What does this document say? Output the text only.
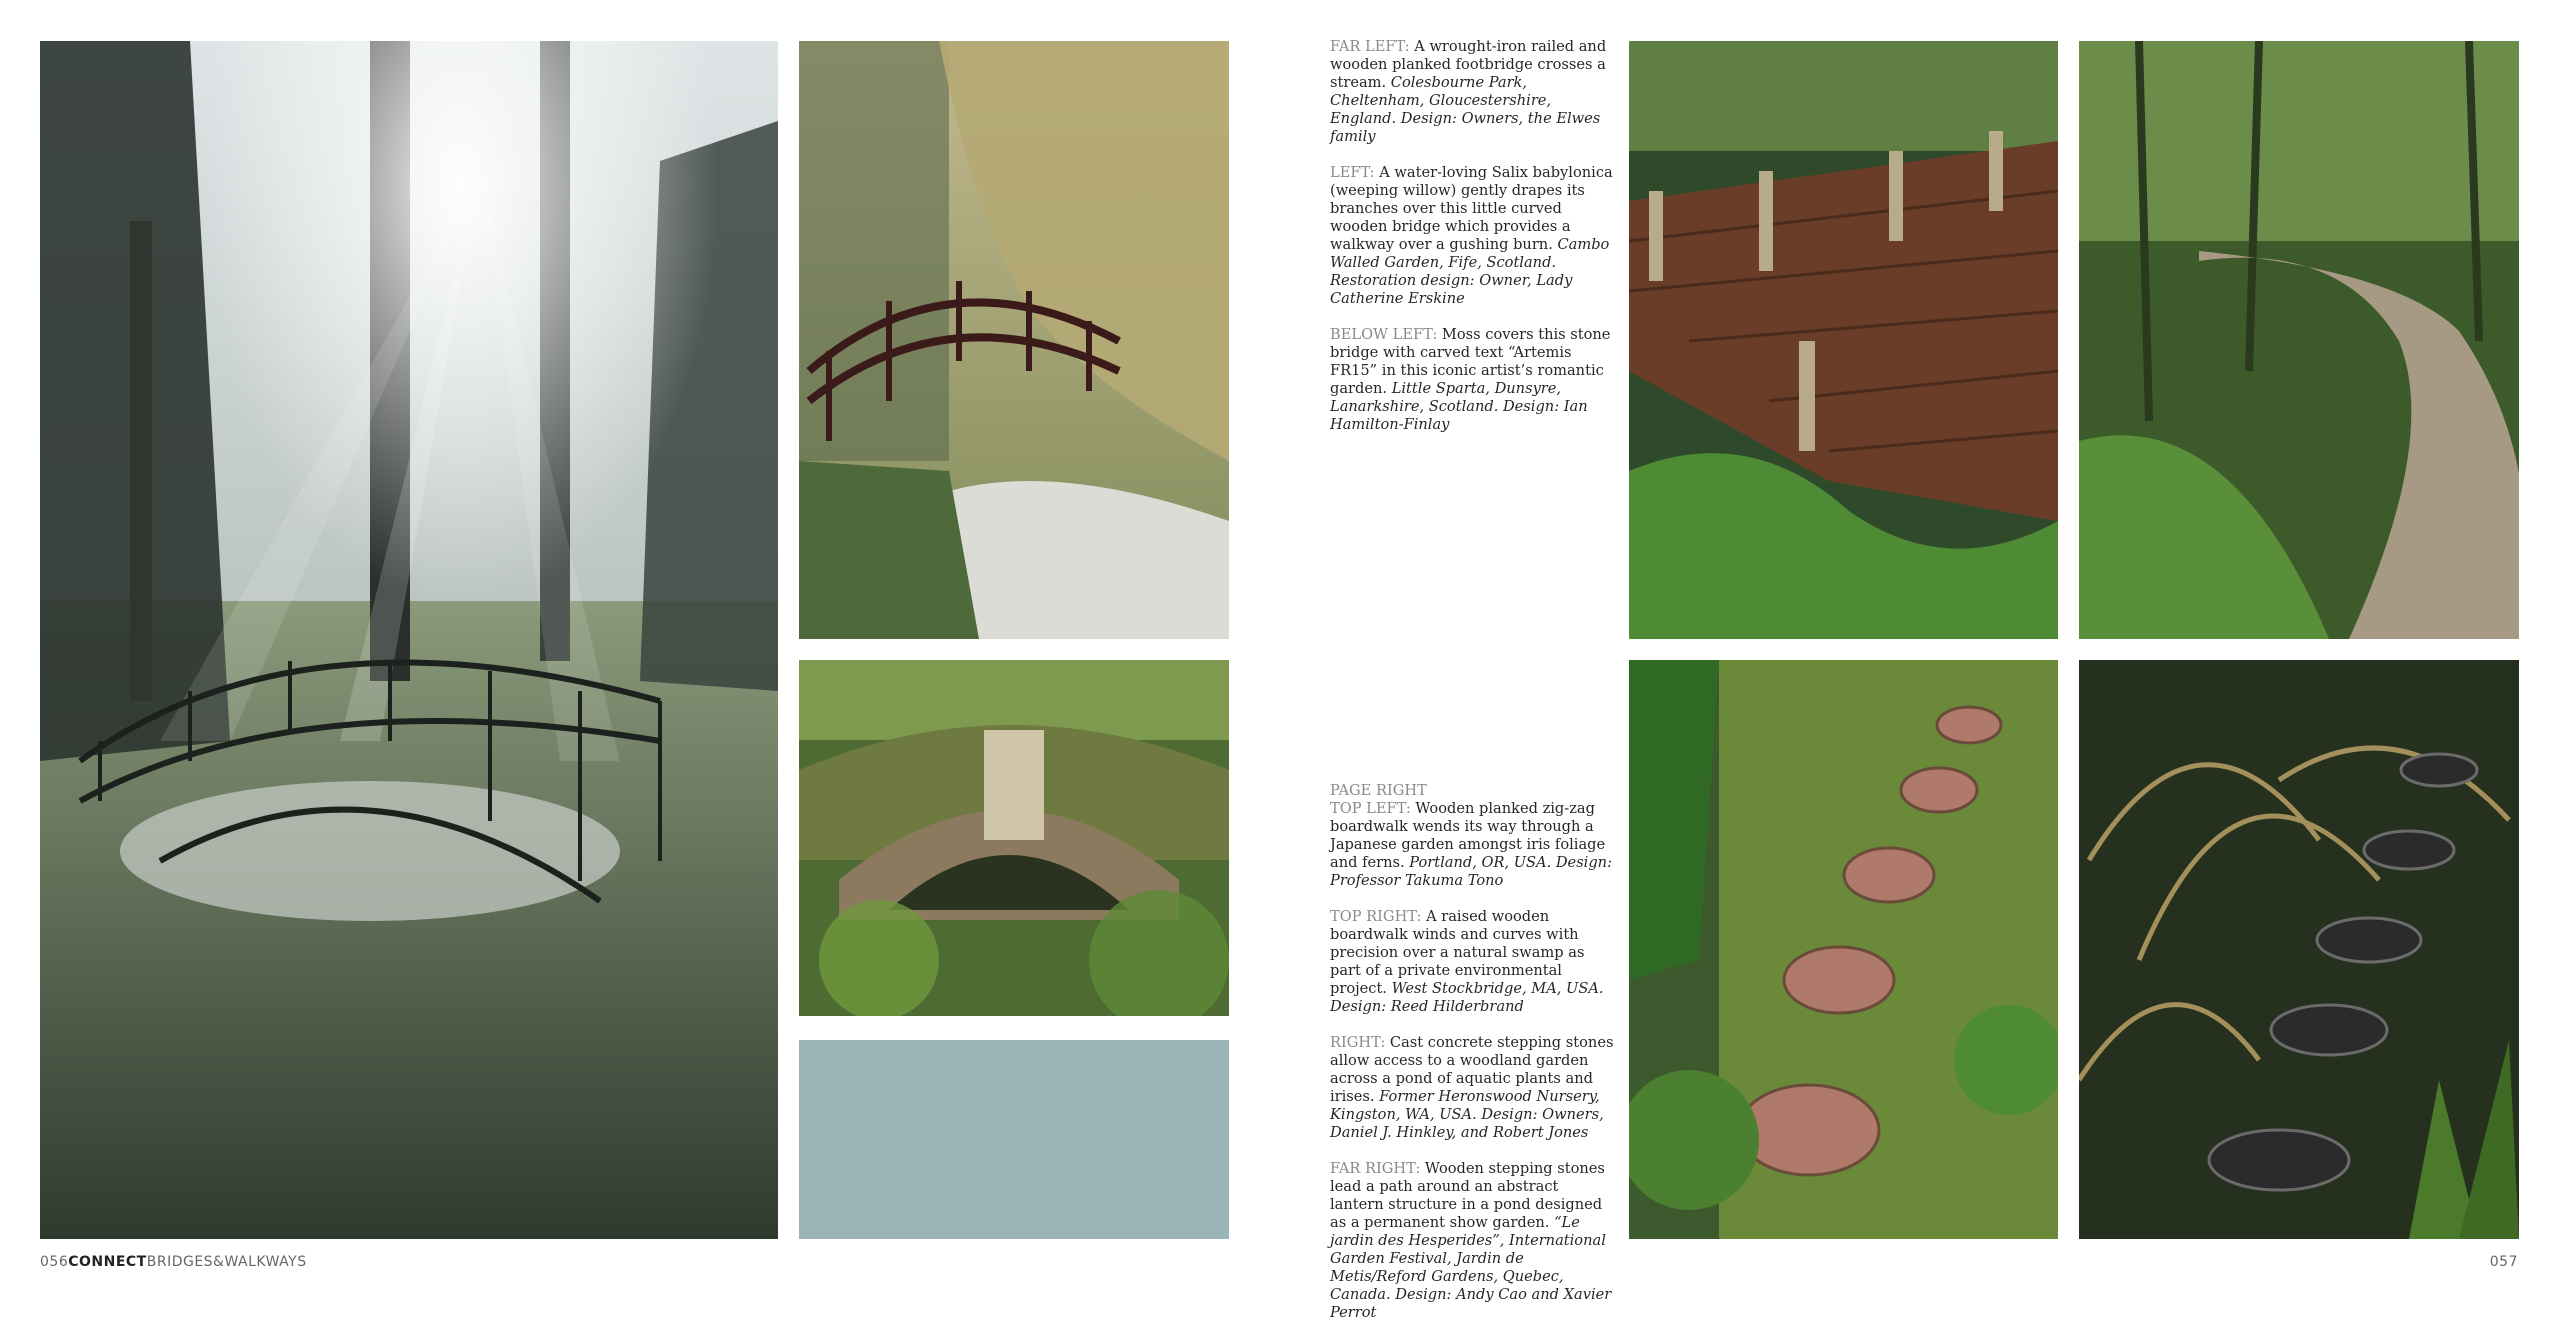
FAR LEFT: A wrought-iron railed and wooden planked footbridge crosses a stream. Colesbourne Park, Cheltenham, Gloucestershire, England. Design: Owners, the Elwes family
LEFT: A water-loving Salix babylonica (weeping willow) gently drapes its branches over this little curved wooden bridge which provides a walkway over a gushing burn. Cambo Walled Garden, Fife, Scotland. Restoration design: Owner, Lady Catherine Erskine
BELOW LEFT: Moss covers this stone bridge with carved text “Artemis FR15” in this iconic artist’s romantic garden. Little Sparta, Dunsyre, Lanarkshire, Scotland. Design: Ian Hamilton-Finlay
PAGE RIGHT
TOP LEFT: Wooden planked zig-zag boardwalk wends its way through a Japanese garden amongst iris foliage and ferns. Portland, OR, USA. Design: Professor Takuma Tono
TOP RIGHT: A raised wooden boardwalk winds and curves with precision over a natural swamp as part of a private environmental project. West Stockbridge, MA, USA. Design: Reed Hilderbrand
RIGHT: Cast concrete stepping stones allow access to a woodland garden across a pond of aquatic plants and irises. Former Heronswood Nursery, Kingston, WA, USA. Design: Owners, Daniel J. Hinkley, and Robert Jones
FAR RIGHT: Wooden stepping stones lead a path around an abstract lantern structure in a pond designed as a permanent show garden. “Le jardin des Hesperides”, International Garden Festival, Jardin de Metis/Reford Gardens, Quebec, Canada. Design: Andy Cao and Xavier Perrot
056CONNECTBRIDGES&WALKWAYS	057
